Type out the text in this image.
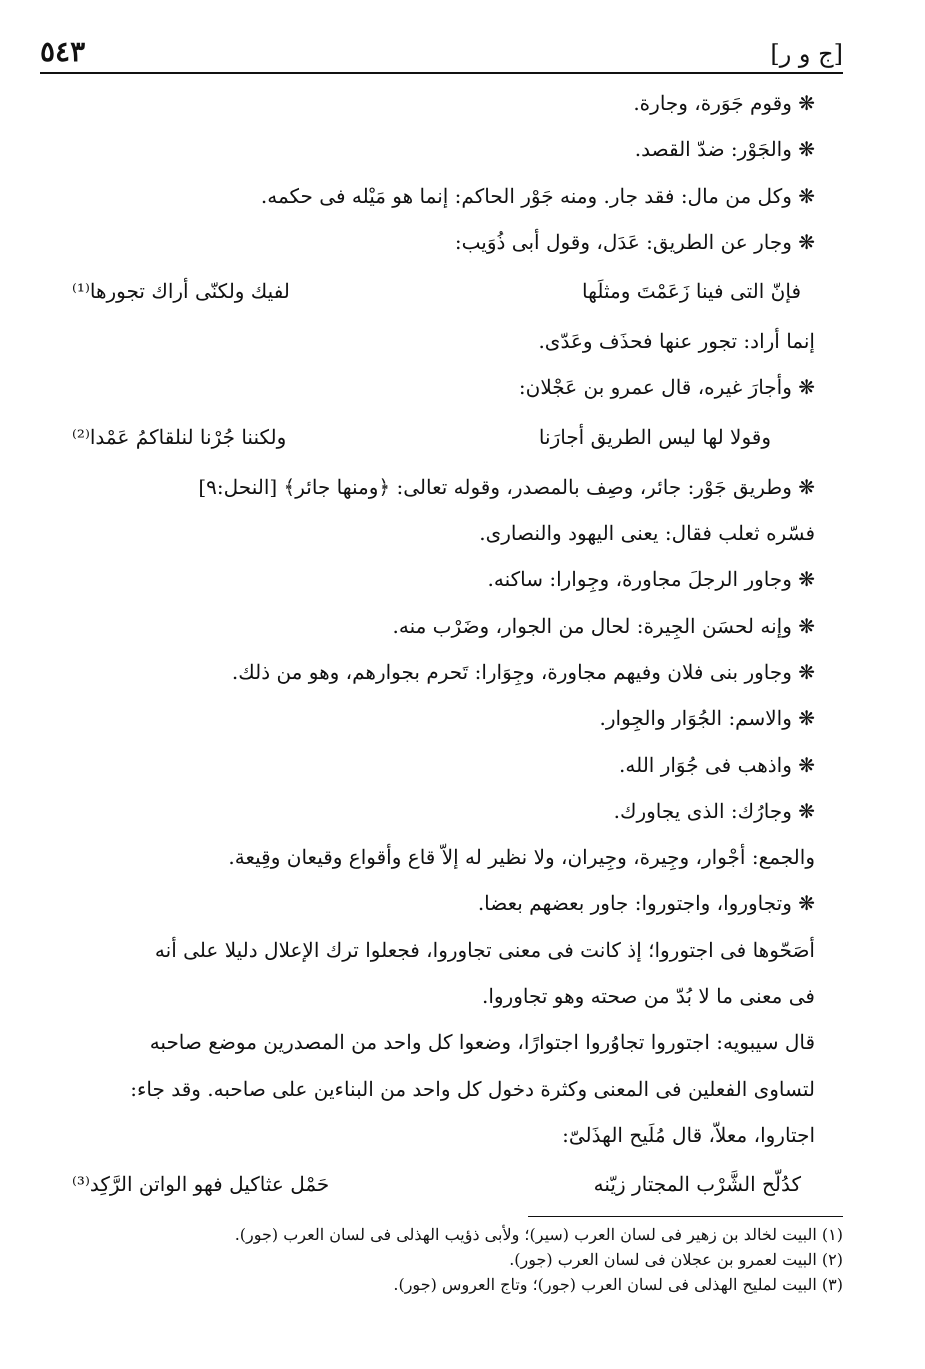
٥٤٣	[ج و ر]

❋ وقوم جَوَرة، وجارة.

❋ والجَوْر: ضدّ القصد.

❋ وكل من مال: فقد جار. ومنه جَوْر الحاكم: إنما هو مَيْله فى حكمه.

❋ وجار عن الطريق: عَدَل، وقول أبى ذُوَيب:

فإنّ التى فينا زَعَمْتَ ومثلَها
لفيك ولكنّى أراك تجورها⁽¹⁾

إنما أراد: تجور عنها فحذَف وعَدّى.

❋ وأجارَ غيره، قال عمرو بن عَجْلان:

وقولا لها ليس الطريق أجارَنا
ولكننا جُرْنا لنلقاكمُ عَمْدا⁽²⁾

❋ وطريق جَوْر: جائر، وصِف بالمصدر، وقوله تعالى: ﴿ومنها جائر﴾ [النحل:٩]

فسّره ثعلب فقال: يعنى اليهود والنصارى.

❋ وجاور الرجلَ مجاورة، وجِوارا: ساكنه.

❋ وإنه لحسَن الجِيرة: لحال من الجوار، وضَرْب منه.

❋ وجاور بنى فلان وفيهم مجاورة، وجِوَارا: تَحرم بجوارهم، وهو من ذلك.

❋ والاسم: الجُوَار والجِوار.

❋ واذهب فى جُوَار الله.

❋ وجارُك: الذى يجاورك.

والجمع: أجْوار، وجِيرة، وجِيران، ولا نظير له إلاّ قاع وأقواع وقيعان وقِيعة.

❋ وتجاوروا، واجتوروا: جاور بعضهم بعضا.

أصَحّوها فى اجتوروا؛ إذ كانت فى معنى تجاوروا، فجعلوا ترك الإعلال دليلا على أنه

فى معنى ما لا بُدّ من صحته وهو تجاوروا.

قال سيبويه: اجتوروا تجاوُروا اجتوارًا، وضعوا كل واحد من المصدرين موضع صاحبه

لتساوى الفعلين فى المعنى وكثرة دخول كل واحد من البناءين على صاحبه. وقد جاء:

اجتاروا، معلاّ، قال مُلَيح الهذَلىّ:

كدُلّح الشَّرْب المجتار زيّنه
حَمْل عثاكيل فهو الواتن الرَّكِد⁽³⁾

(١) البيت لخالد بن زهير فى لسان العرب (سير)؛ ولأبى ذؤيب الهذلى فى لسان العرب (جور).

(٢) البيت لعمرو بن عجلان فى لسان العرب (جور).

(٣) البيت لمليح الهذلى فى لسان العرب (جور)؛ وتاج العروس (جور).
